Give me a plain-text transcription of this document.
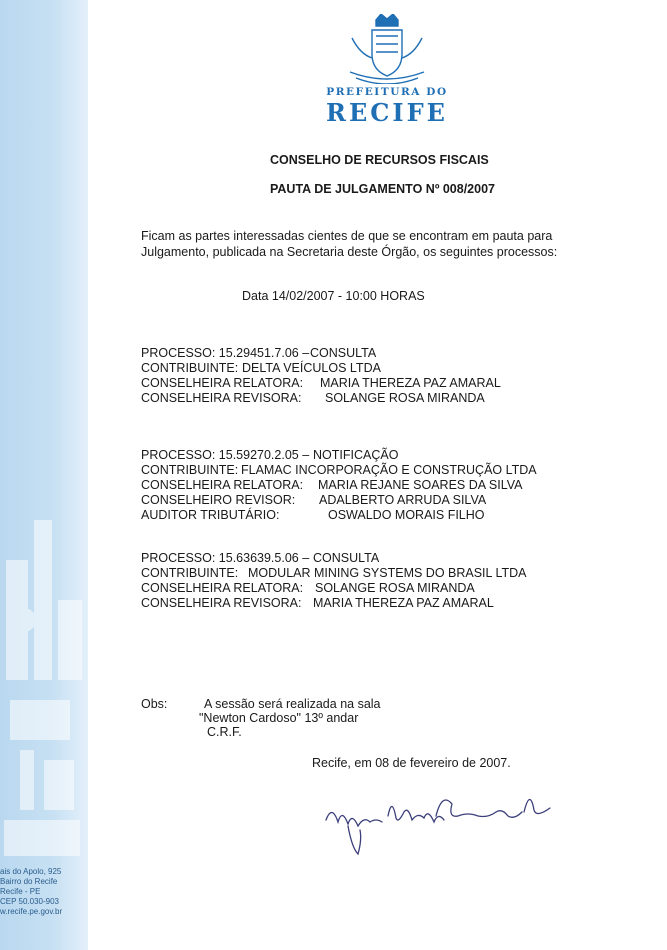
ais do Apolo, 925
Bairro do Recife
Recife - PE
CEP 50.030-903
w.recife.pe.gov.br
PREFEITURA DO
RECIFE
CONSELHO DE RECURSOS FISCAIS
PAUTA DE JULGAMENTO Nº 008/2007
Ficam as partes interessadas cientes de que se encontram em pauta para
Julgamento, publicada na Secretaria deste Órgão, os seguintes processos:
Data 14/02/2007 - 10:00 HORAS
PROCESSO: 15.29451.7.06 – CONSULTA
CONTRIBUINTE: DELTA VEÍCULOS LTDA
CONSELHEIRA RELATORA: MARIA THEREZA PAZ AMARAL
CONSELHEIRA REVISORA: SOLANGE ROSA MIRANDA
PROCESSO: 15.59270.2.05 – NOTIFICAÇÃO
CONTRIBUINTE: FLAMAC INCORPORAÇÃO E CONSTRUÇÃO LTDA
CONSELHEIRA RELATORA: MARIA REJANE SOARES DA SILVA
CONSELHEIRO REVISOR: ADALBERTO ARRUDA SILVA
AUDITOR TRIBUTÁRIO:	OSWALDO MORAIS FILHO
PROCESSO: 15.63639.5.06 – CONSULTA
CONTRIBUINTE: MODULAR MINING SYSTEMS DO BRASIL LTDA
CONSELHEIRA RELATORA: SOLANGE ROSA MIRANDA
CONSELHEIRA REVISORA: MARIA THEREZA PAZ AMARAL
Obs:	A sessão será realizada na sala
"Newton Cardoso" 13º andar
C.R.F.
Recife, em 08 de fevereiro de 2007.
